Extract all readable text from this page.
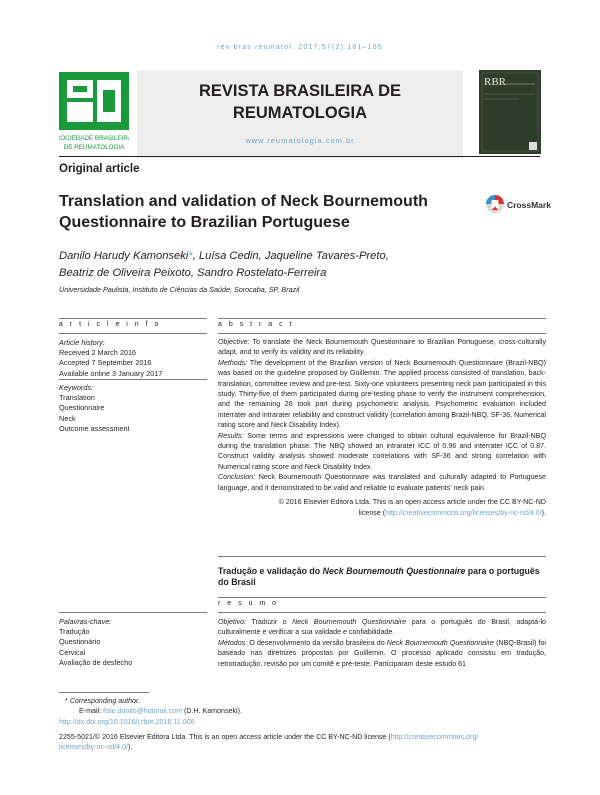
rev bras reumatol. 2017;57(2):161–165
SOCIEDADE BRASILEIRA
DE REUMATOLOGIA
REVISTA BRASILEIRA DE
REUMATOLOGIA
www.reumatologia.com.br
RBR
Original article
Translation and validation of Neck Bournemouth
Questionnaire to Brazilian Portuguese
CrossMark
Danilo Harudy Kamonseki*, Luísa Cedin, Jaqueline Tavares-Preto,
Beatriz de Oliveira Peixoto, Sandro Rostelato-Ferreira
Universidade Paulista, Instituto de Ciências da Saúde, Sorocaba, SP, Brazil
a r t i c l e i n f o	a b s t r a c t
Article history:
Received 2 March 2016
Accepted 7 September 2016
Available online 3 January 2017
Keywords:
Translation
Questionnaire
Neck
Outcome assessment

Objective: To translate the Neck Bournemouth Questionnaire to Brazilian Portuguese, cross-culturally adapt, and to verify its validity and its reliability.

Methods: The development of the Brazilian version of Neck Bournemouth Questionnaire (Brazil-NBQ) was based on the guideline proposed by Guillemin. The applied process consisted of translation, back-translation, committee review and pre-test. Sixty-one volunteers presenting neck pain participated in this study. Thirty-five of them participated during pre-testing phase to verify the instrument comprehension, and the remaining 26 took part during psychometric analysis. Psychometric evaluation included interrater and intrarater reliability and construct validity (correlation among Brazil-NBQ, SF-36, Numerical rating score and Neck Disability Index).

Results: Some terms and expressions were changed to obtain cultural equivalence for Brazil-NBQ during the translation phase. The NBQ showed an intrarater ICC of 0.96 and interrater ICC of 0.87. Construct validity analysis showed moderate correlations with SF-36 and strong correlation with Numerical rating score and Neck Disability Index.

Conclusion: Neck Bournemouth Questionnaire was translated and culturally adapted to Portuguese language, and it demonstrated to be valid and reliable to evaluate patients' neck pain.

© 2016 Elsevier Editora Ltda. This is an open access article under the CC BY-NC-ND

license (http://creativecommons.org/licenses/by-nc-nd/4.0/).

Tradução e validação do Neck Bournemouth Questionnaire para o português
do Brasil
r e s u m o
Palavras-chave:
Tradução
Questionário
Cervical
Avaliação de desfecho

Objetivo: Traduzir o Neck Bournemouth Questionnaire para o português do Brasil, adaptá-lo culturalmente e verificar a sua validade e confiabilidade.

Métodos: O desenvolvimento da versão brasileira do Neck Bournemouth Questionnaire (NBQ-Brasil) foi baseado nas diretrizes propostas por Guillemin. O processo aplicado consistiu em tradução, retrotradução, revisão por um comitê e pré-teste. Participaram deste estudo 61

* Corresponding author.
E-mail: fisio.danilo@hotmail.com (D.H. Kamonseki).
http://dx.doi.org/10.1016/j.rbre.2016.11.006
2255-5021/© 2016 Elsevier Editora Ltda. This is an open access article under the CC BY-NC-ND license (http://creativecommons.org/
licenses/by-nc-nd/4.0/).
